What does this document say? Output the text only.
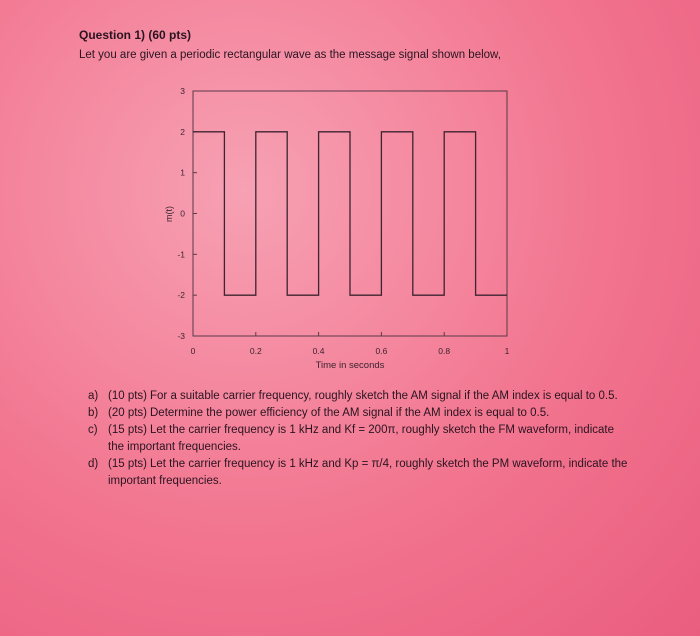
Question 1) (60 pts)
Let you are given a periodic rectangular wave as the message signal shown below,
0	0.2	0.4	0.6	0.8	1
-3
-2
-1
0
1
2
3
Time in seconds
m(t)
a) (10 pts) For a suitable carrier frequency, roughly sketch the AM signal if the AM index is equal to 0.5.
b) (20 pts) Determine the power efficiency of the AM signal if the AM index is equal to 0.5.
c) (15 pts) Let the carrier frequency is 1 kHz and Kf = 200π, roughly sketch the FM waveform, indicate the important frequencies.
d) (15 pts) Let the carrier frequency is 1 kHz and Kp = π/4, roughly sketch the PM waveform, indicate the important frequencies.
